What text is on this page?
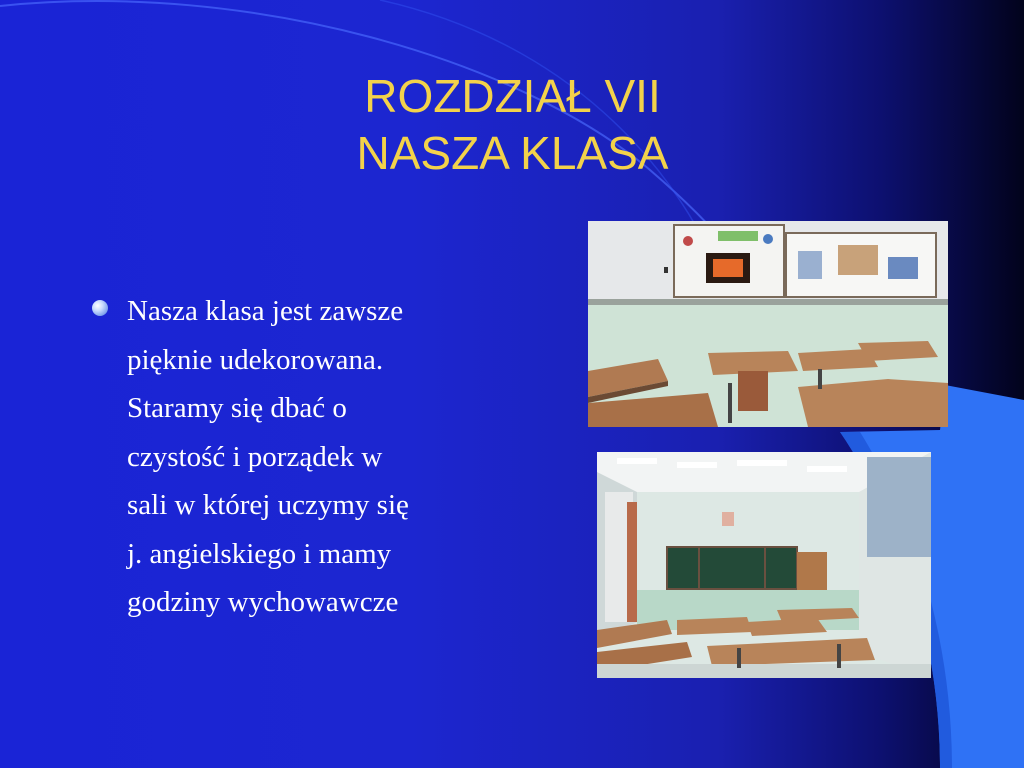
ROZDZIAŁ VII
NASZA KLASA
Nasza klasa jest zawsze
pięknie udekorowana.
Staramy się dbać o
czystość i porządek w
sali w której uczymy się
j. angielskiego i mamy
godziny wychowawcze
